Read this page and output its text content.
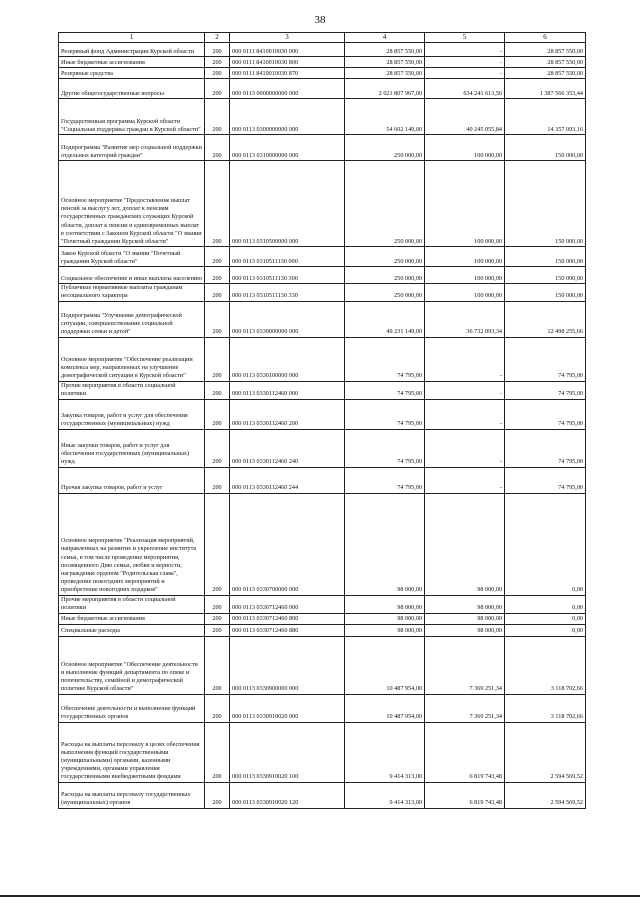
38
1	2	3	4	5	6
Резервный фонд Администрации Курской области	200	000 0111 8410010030 000	28 857 550,00	-	28 857 550,00
Иные бюджетные ассигнования	200	000 0111 8410010030 800	28 857 550,00	-	28 857 550,00
Резервные средства	200	000 0111 8410010030 870	28 857 550,00	-	28 857 550,00
Другие общегосударственные вопросы	200	000 0113 0000000000 000	2 021 807 967,00	634 241 613,56	1 387 566 353,44
Государственная программа Курской области "Социальная поддержка граждан в Курской области"	200	000 0113 0300000000 000	54 602 149,00	40 245 055,84	14 357 093,16
Подпрограмма "Развитие мер социальной поддержки отдельных категорий граждан"	200	000 0113 0310000000 000	250 000,00	100 000,00	150 000,00
Основное мероприятие "Предоставление выплат пенсий за выслугу лет, доплат к пенсиям государственных гражданских служащих Курской области, доплат к пенсии и единовременных выплат в соответствии с Законом Курской области "О звании "Почетный гражданин Курской области"	200	000 0113 0310500000 000	250 000,00	100 000,00	150 000,00
Закон Курской области "О звании "Почетный гражданин Курской области"	200	000 0113 0310511130 000	250 000,00	100 000,00	150 000,00
Социальное обеспечение и иные выплаты населению	200	000 0113 0310511130 300	250 000,00	100 000,00	150 000,00
Публичные нормативные выплаты гражданам несоциального характера	200	000 0113 0310511130 330	250 000,00	100 000,00	150 000,00
Подпрограмма "Улучшение демографической ситуации, совершенствование социальной поддержки семьи и детей"	200	000 0113 0330000000 000	49 231 149,00	36 732 893,34	12 498 255,66
Основное мероприятие "Обеспечение реализации комплекса мер, направленных на улучшение демографической ситуации в Курской области"	200	000 0113 0330100000 000	74 795,00	-	74 795,00
Прочие мероприятия в области социальной политики	200	000 0113 0330112460 000	74 795,00	-	74 795,00
Закупка товаров, работ и услуг для обеспечения государственных (муниципальных) нужд	200	000 0113 0330112460 200	74 795,00	-	74 795,00
Иные закупки товаров, работ и услуг для обеспечения государственных (муниципальных) нужд	200	000 0113 0330112460 240	74 795,00	-	74 795,00
Прочая закупка товаров, работ и услуг	200	000 0113 0330112460 244	74 795,00	-	74 795,00
Основное мероприятие "Реализация мероприятий, направленных на развитие и укрепление института семьи, в том числе проведение мероприятия, посвященного Дню семьи, любви и верности, награждение орденом "Родительская слава", проведение новогодних мероприятий и приобретение новогодних подарков"	200	000 0113 0330700000 000	98 000,00	98 000,00	0,00
Прочие мероприятия в области социальной политики	200	000 0113 0330712460 000	98 000,00	98 000,00	0,00
Иные бюджетные ассигнования	200	000 0113 0330712460 800	98 000,00	98 000,00	0,00
Специальные расходы	200	000 0113 0330712460 880	98 000,00	98 000,00	0,00
Основное мероприятие "Обеспечение деятельности и выполнение функций департамента по опеке и попечительству, семейной и демографической политике Курской области"	200	000 0113 0330900000 000	10 487 954,00	7 369 251,34	3 118 702,66
Обеспечение деятельности и выполнение функций государственных органов	200	000 0113 0330910020 000	10 487 954,00	7 369 251,34	3 118 702,66
Расходы на выплаты персоналу в целях обеспечения выполнения функций государственными (муниципальными) органами, казенными учреждениями, органами управления государственными внебюджетными фондами	200	000 0113 0330910020 100	9 414 313,00	6 819 743,48	2 594 569,52
Расходы на выплаты персоналу государственных (муниципальных) органов	200	000 0113 0330910020 120	9 414 313,00	6 819 743,48	2 594 569,52
